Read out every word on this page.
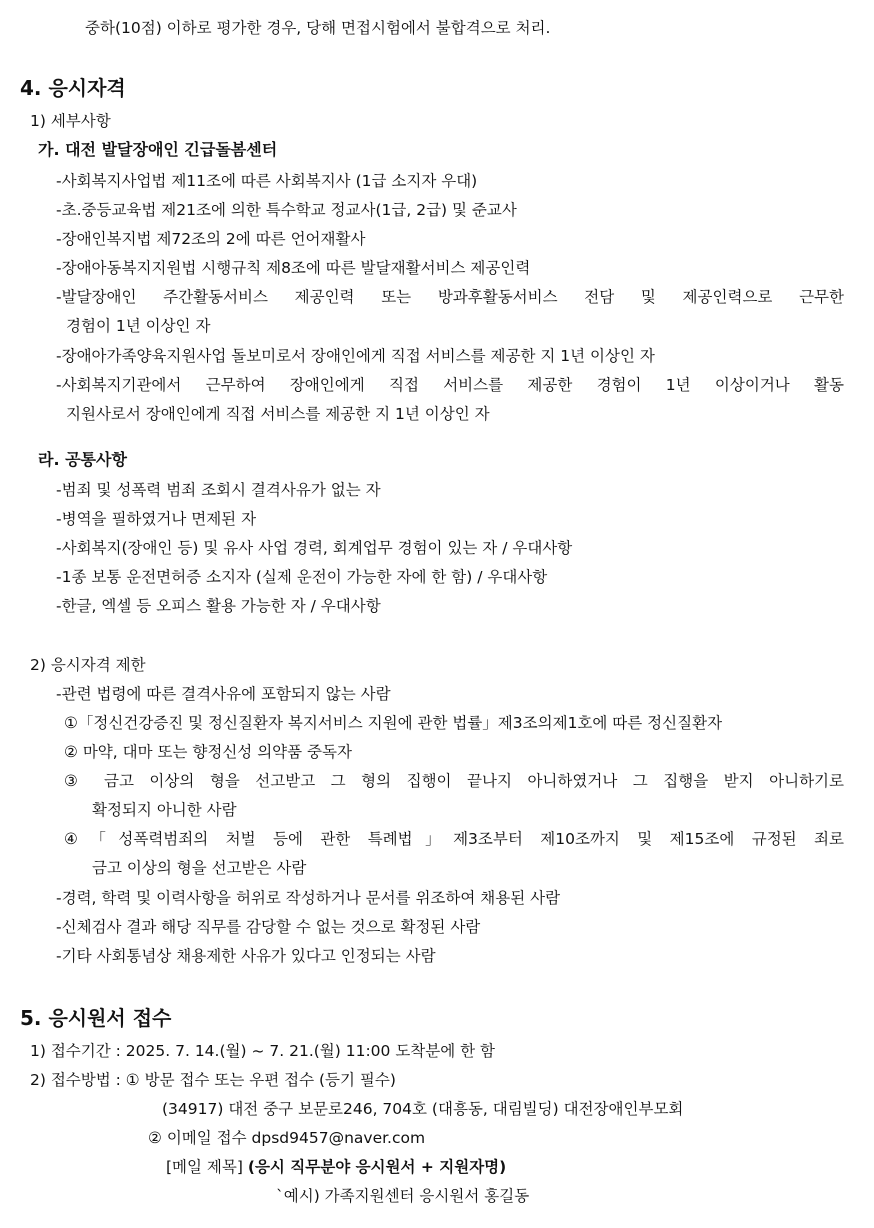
중하(10점) 이하로 평가한 경우, 당해 면접시험에서 불합격으로 처리.
4. 응시자격
1) 세부사항
가. 대전 발달장애인 긴급돌봄센터
-사회복지사업법 제11조에 따른 사회복지사 (1급 소지자 우대)
-초.중등교육법 제21조에 의한 특수학교 정교사(1급, 2급) 및 준교사
-장애인복지법 제72조의 2에 따른 언어재활사
-장애아동복지지원법 시행규칙 제8조에 따른 발달재활서비스 제공인력
-발달장애인 주간활동서비스 제공인력 또는 방과후활동서비스 전담 및 제공인력으로 근무한
경험이 1년 이상인 자
-장애아가족양육지원사업 돌보미로서 장애인에게 직접 서비스를 제공한 지 1년 이상인 자
-사회복지기관에서 근무하여 장애인에게 직접 서비스를 제공한 경험이 1년 이상이거나 활동
지원사로서 장애인에게 직접 서비스를 제공한 지 1년 이상인 자
라. 공통사항
-범죄 및 성폭력 범죄 조회시 결격사유가 없는 자
-병역을 필하였거나 면제된 자
-사회복지(장애인 등) 및 유사 사업 경력, 회계업무 경험이 있는 자 / 우대사항
-1종 보통 운전면허증 소지자 (실제 운전이 가능한 자에 한 함) / 우대사항
-한글, 엑셀 등 오피스 활용 가능한 자 / 우대사항
2) 응시자격 제한
-관련 법령에 따른 결격사유에 포함되지 않는 사람
①「정신건강증진 및 정신질환자 복지서비스 지원에 관한 법률」제3조의제1호에 따른 정신질환자
② 마약, 대마 또는 향정신성 의약품 중독자
③ 금고 이상의 형을 선고받고 그 형의 집행이 끝나지 아니하였거나 그 집행을 받지 아니하기로
확정되지 아니한 사람
④「성폭력범죄의 처벌 등에 관한 특례법」제3조부터 제10조까지 및 제15조에 규정된 죄로
금고 이상의 형을 선고받은 사람
-경력, 학력 및 이력사항을 허위로 작성하거나 문서를 위조하여 채용된 사람
-신체검사 결과 해당 직무를 감당할 수 없는 것으로 확정된 사람
-기타 사회통념상 채용제한 사유가 있다고 인정되는 사람
5. 응시원서 접수
1) 접수기간 : 2025. 7. 14.(월) ~ 7. 21.(월) 11:00 도착분에 한 함
2) 접수방법 : ① 방문 접수 또는 우편 접수 (등기 필수)
(34917) 대전 중구 보문로246, 704호 (대흥동, 대림빌딩) 대전장애인부모회
② 이메일 접수 dpsd9457@naver.com
[메일 제목] (응시 직무분야 응시원서 + 지원자명)
`예시) 가족지원센터 응시원서 홍길동
